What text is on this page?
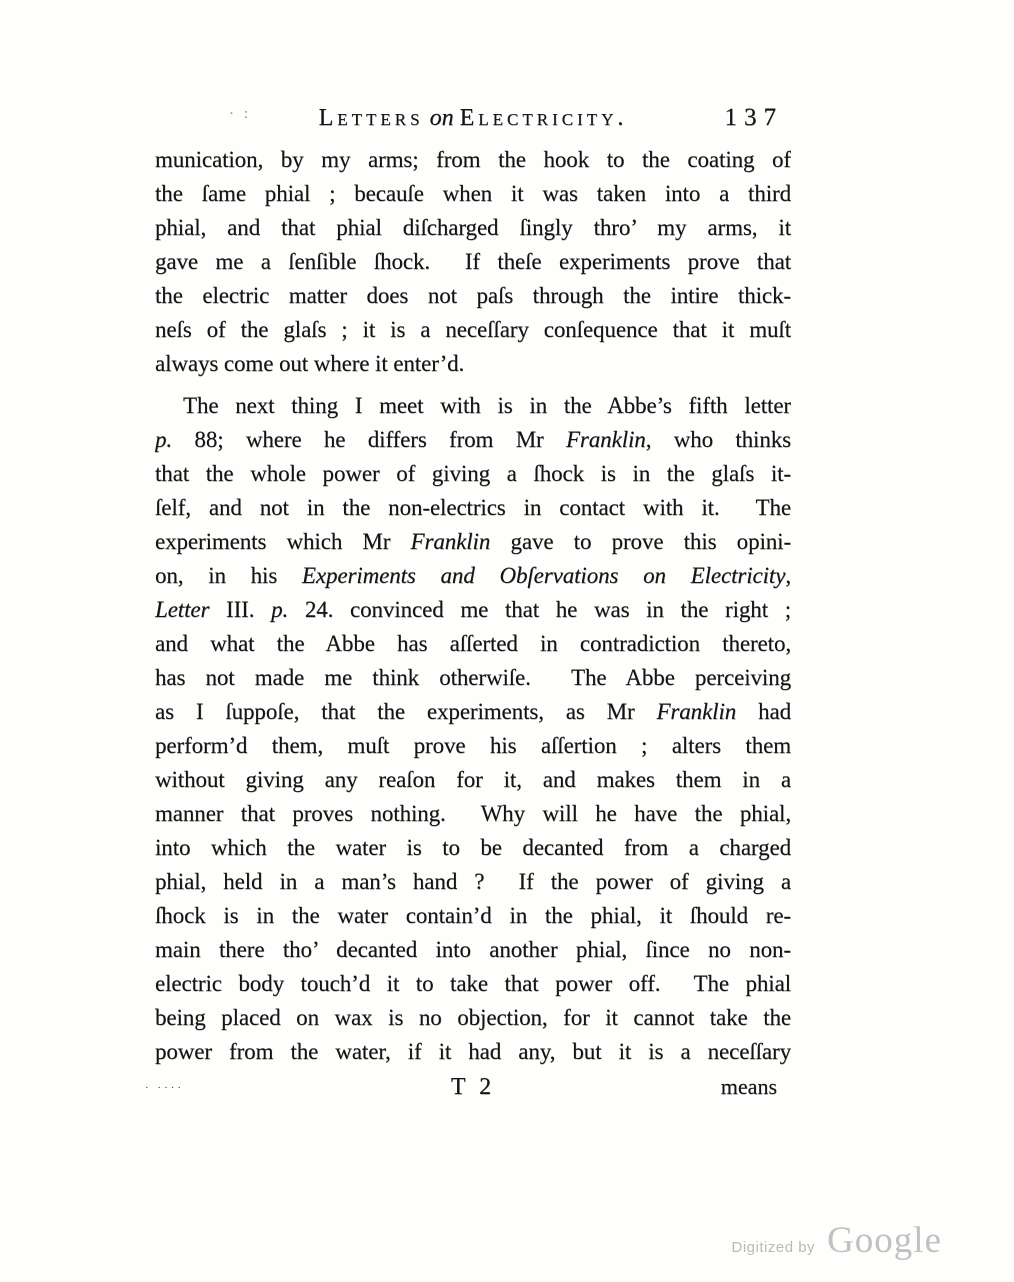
· :	Letters on Electricity.	137
munication, by my arms; from the hook to the coating of
the ſame phial ; becauſe when it was taken into a third
phial, and that phial diſcharged ſingly thro’ my arms, it
gave me a ſenſible ſhock.  If theſe experiments prove that
the electric matter does not paſs through the intire thick-
neſs of the glaſs ; it is a neceſſary conſequence that it muſt
always come out where it enter’d.
The next thing I meet with is in the Abbe’s fifth letter
p. 88; where he differs from Mr Franklin, who thinks
that the whole power of giving a ſhock is in the glaſs it-
ſelf, and not in the non-electrics in contact with it.  The
experiments which Mr Franklin gave to prove this opini-
on, in his Experiments and Obſervations on Electricity,
Letter III. p. 24. convinced me that he was in the right ;
and what the Abbe has aſſerted in contradiction thereto,
has not made me think otherwiſe.  The Abbe perceiving
as I ſuppoſe, that the experiments, as Mr Franklin had
perform’d them, muſt prove his aſſertion ; alters them
without giving any reaſon for it, and makes them in a
manner that proves nothing.  Why will he have the phial,
into which the water is to be decanted from a charged
phial, held in a man’s hand ?  If the power of giving a
ſhock is in the water contain’d in the phial, it ſhould re-
main there tho’ decanted into another phial, ſince no non-
electric body touch’d it to take that power off.  The phial
being placed on wax is no objection, for it cannot take the
power from the water, if it had any, but it is a neceſſary
· ····	T 2	means
Digitized by Google
